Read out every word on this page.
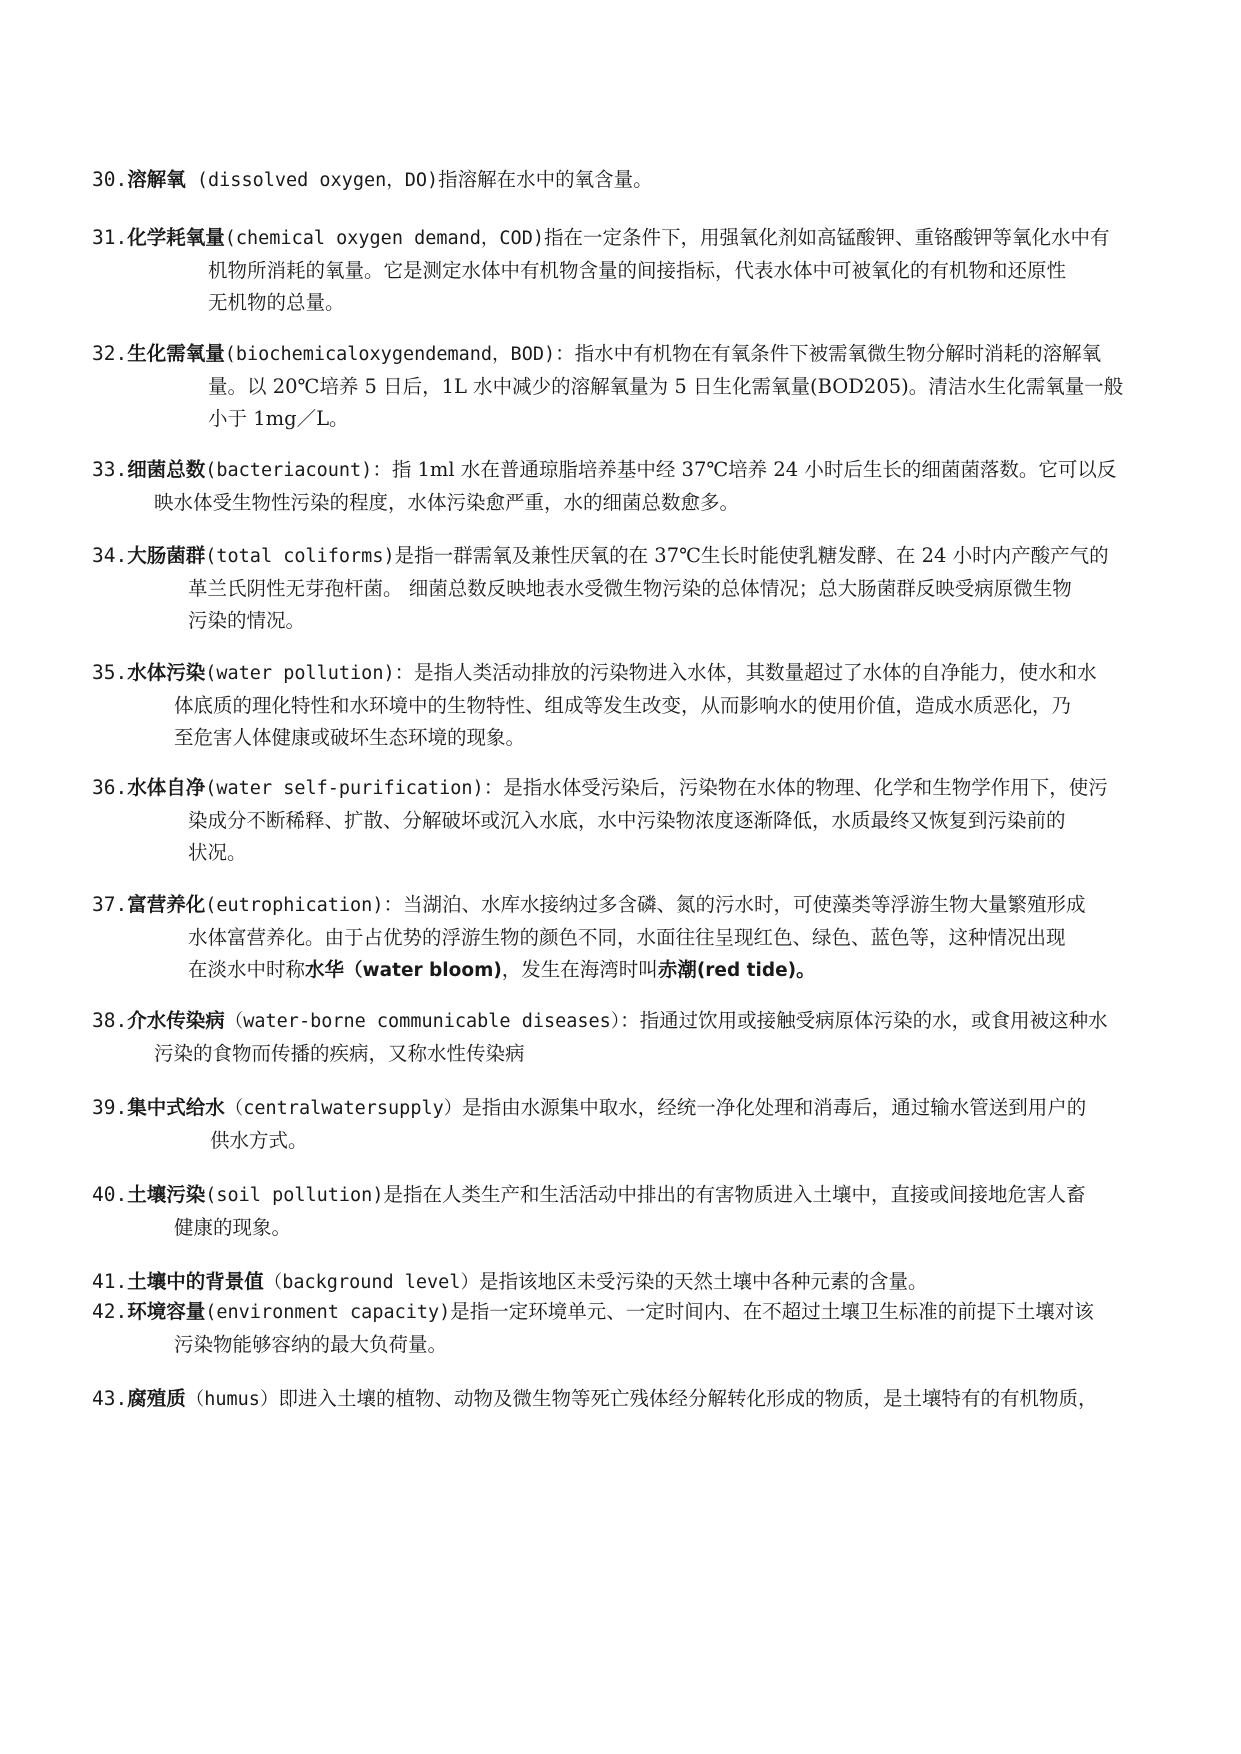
30.溶解氧 (dissolved oxygen，DO)指溶解在水中的氧含量。
31.化学耗氧量(chemical oxygen demand，COD)指在一定条件下，用强氧化剂如高锰酸钾、重铬酸钾等氧化水中有
机物所消耗的氧量。它是测定水体中有机物含量的间接指标，代表水体中可被氧化的有机物和还原性
无机物的总量。
32.生化需氧量(biochemicaloxygendemand，BOD)：指水中有机物在有氧条件下被需氧微生物分解时消耗的溶解氧
量。以 20℃培养 5 日后，1L 水中减少的溶解氧量为 5 日生化需氧量(BOD205)。清洁水生化需氧量一般
小于 1mg／L。
33.细菌总数(bacteriacount)：指 1ml 水在普通琼脂培养基中经 37℃培养 24 小时后生长的细菌菌落数。它可以反
映水体受生物性污染的程度，水体污染愈严重，水的细菌总数愈多。
34.大肠菌群(total coliforms)是指一群需氧及兼性厌氧的在 37℃生长时能使乳糖发酵、在 24 小时内产酸产气的
革兰氏阴性无芽孢杆菌。 细菌总数反映地表水受微生物污染的总体情况；总大肠菌群反映受病原微生物
污染的情况。
35.水体污染(water pollution)：是指人类活动排放的污染物进入水体，其数量超过了水体的自净能力，使水和水
体底质的理化特性和水环境中的生物特性、组成等发生改变，从而影响水的使用价值，造成水质恶化，乃
至危害人体健康或破坏生态环境的现象。
36.水体自净(water self-purification)：是指水体受污染后，污染物在水体的物理、化学和生物学作用下，使污
染成分不断稀释、扩散、分解破坏或沉入水底，水中污染物浓度逐渐降低，水质最终又恢复到污染前的
状况。
37.富营养化(eutrophication)：当湖泊、水库水接纳过多含磷、氮的污水时，可使藻类等浮游生物大量繁殖形成
水体富营养化。由于占优势的浮游生物的颜色不同，水面往往呈现红色、绿色、蓝色等，这种情况出现
在淡水中时称水华（water bloom)，发生在海湾时叫赤潮(red tide)。
38.介水传染病（water-borne communicable diseases）：指通过饮用或接触受病原体污染的水，或食用被这种水
污染的食物而传播的疾病，又称水性传染病
39.集中式给水（centralwatersupply）是指由水源集中取水，经统一净化处理和消毒后，通过输水管送到用户的
供水方式。
40.土壤污染(soil pollution)是指在人类生产和生活活动中排出的有害物质进入土壤中，直接或间接地危害人畜
健康的现象。
41.土壤中的背景值（background level）是指该地区未受污染的天然土壤中各种元素的含量。
42.环境容量(environment capacity)是指一定环境单元、一定时间内、在不超过土壤卫生标准的前提下土壤对该
污染物能够容纳的最大负荷量。
43.腐殖质（humus）即进入土壤的植物、动物及微生物等死亡残体经分解转化形成的物质，是土壤特有的有机物质，
